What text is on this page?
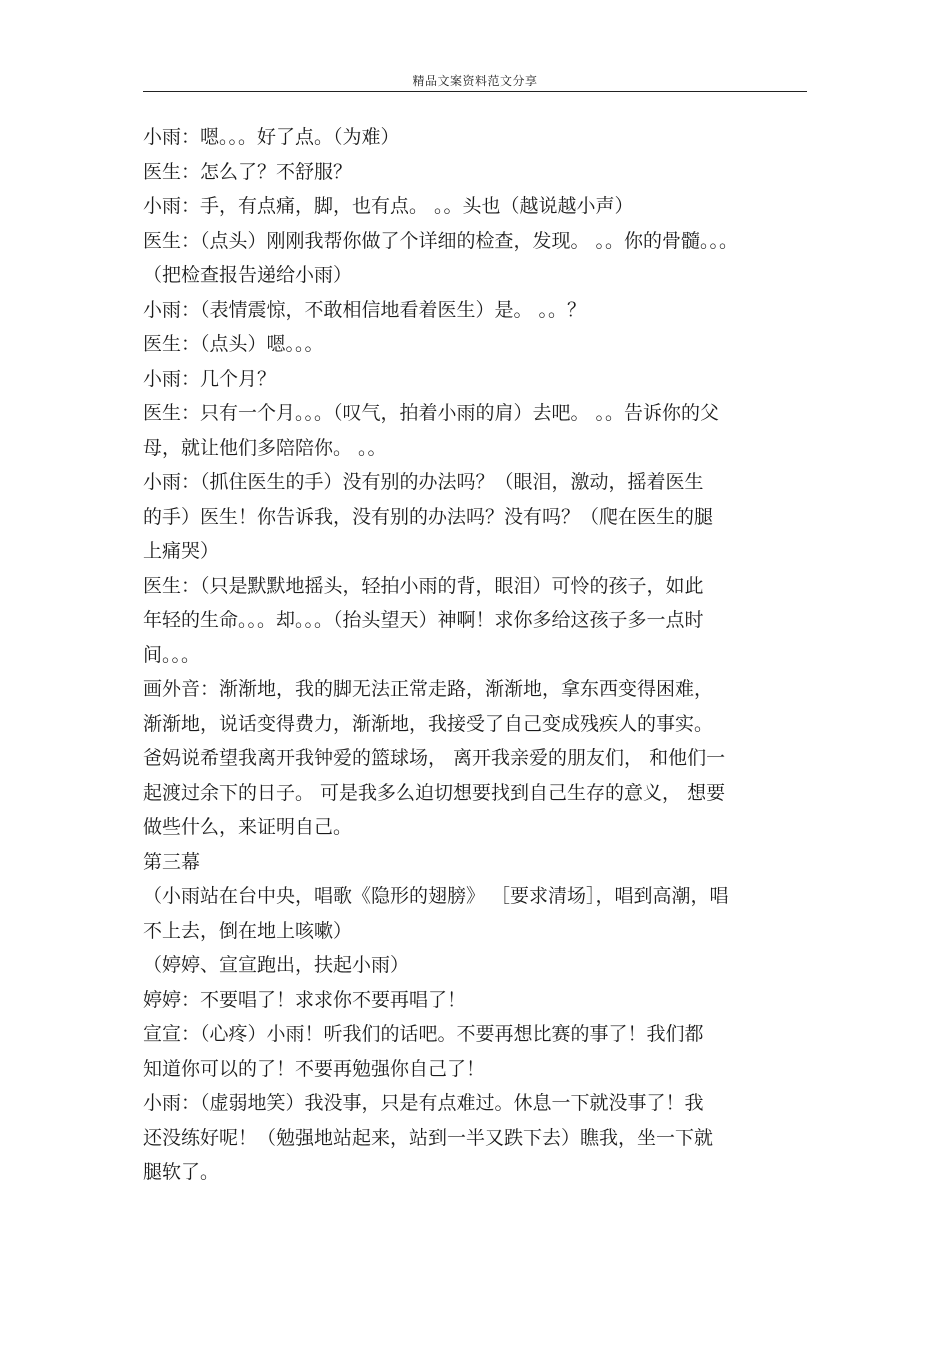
精品文案资料范文分享
小雨：嗯。。。好了点。（为难）
医生：怎么了？不舒服？
小雨：手，有点痛，脚，也有点。 。。头也（越说越小声）
医生：（点头）刚刚我帮你做了个详细的检查，发现。 。。你的骨髓。。。
（把检查报告递给小雨）
小雨：（表情震惊，不敢相信地看着医生）是。 。。？
医生：（点头）嗯。。。
小雨：几个月？
医生：只有一个月。。。（叹气，拍着小雨的肩）去吧。 。。告诉你的父
母，就让他们多陪陪你。 。。
小雨：（抓住医生的手）没有别的办法吗？（眼泪，激动，摇着医生
的手）医生！你告诉我，没有别的办法吗？没有吗？（爬在医生的腿
上痛哭）
医生：（只是默默地摇头，轻拍小雨的背，眼泪）可怜的孩子，如此
年轻的生命。。。却。。。（抬头望天）神啊！求你多给这孩子多一点时
间。。。
画外音：渐渐地，我的脚无法正常走路，渐渐地，拿东西变得困难，
渐渐地，说话变得费力，渐渐地，我接受了自己变成残疾人的事实。
爸妈说希望我离开我钟爱的篮球场， 离开我亲爱的朋友们， 和他们一
起渡过余下的日子。 可是我多么迫切想要找到自己生存的意义， 想要
做些什么，来证明自己。
第三幕
（小雨站在台中央，唱歌《隐形的翅膀》 ［要求清场］，唱到高潮，唱
不上去，倒在地上咳嗽）
（婷婷、宣宣跑出，扶起小雨）
婷婷：不要唱了！求求你不要再唱了！
宣宣：（心疼）小雨！听我们的话吧。不要再想比赛的事了！我们都
知道你可以的了！不要再勉强你自己了！
小雨：（虚弱地笑）我没事，只是有点难过。休息一下就没事了！我
还没练好呢！（勉强地站起来，站到一半又跌下去）瞧我，坐一下就
腿软了。
